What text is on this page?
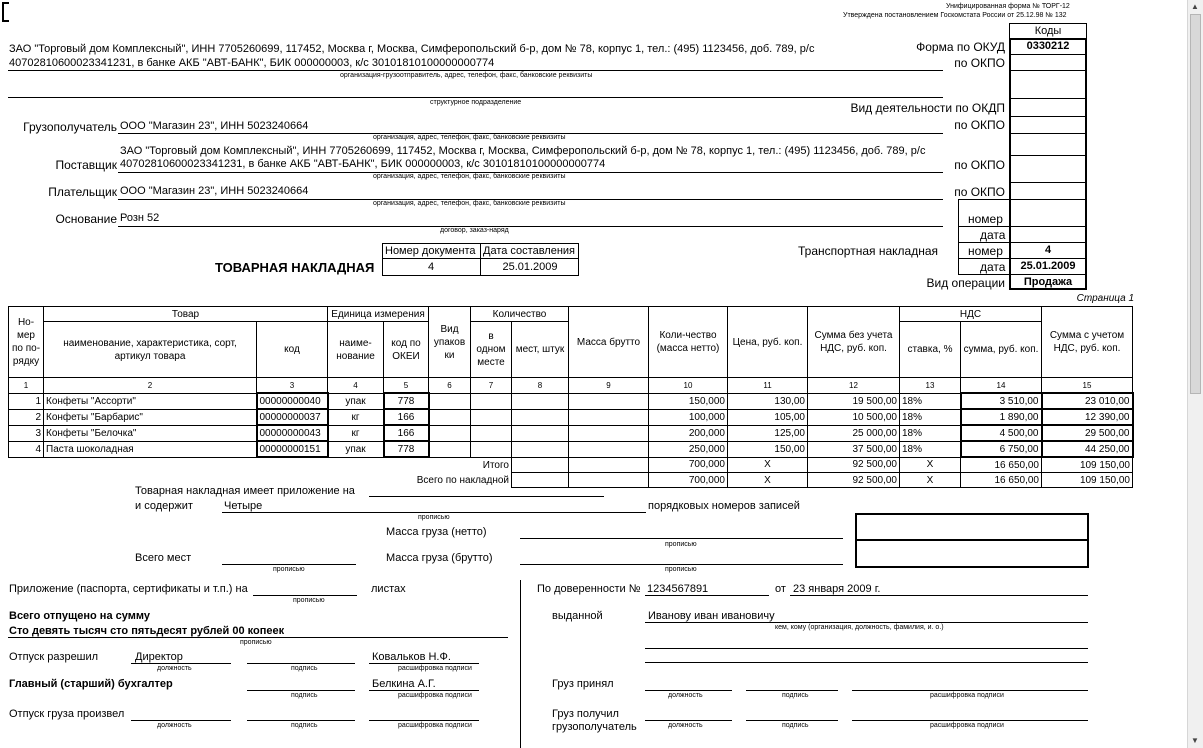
Унифицированная форма № ТОРГ-12
Утверждена постановлением Госкомстата России от 25.12.98 № 132
Коды
0330212
4
25.01.2009
Продажа
Форма по ОКУД
по ОКПО
Вид деятельности по ОКДП
по ОКПО
по ОКПО
по ОКПО
номер
дата
номер
дата
Транспортная накладная
Вид операции
ЗАО "Торговый дом Комплексный", ИНН 7705260699, 117452, Москва г, Москва, Симферопольский б-р, дом № 78, корпус 1, тел.: (495) 1123456, доб. 789, р/с
40702810600023341231, в банке АКБ "АВТ-БАНК", БИК 000000003, к/с 30101810100000000774
организация-грузоотправитель, адрес, телефон, факс, банковские реквизиты
структурное подразделение
Грузополучатель ООО "Магазин 23", ИНН 5023240664
организация, адрес, телефон, факс, банковские реквизиты
ЗАО "Торговый дом Комплексный", ИНН 7705260699, 117452, Москва г, Москва, Симферопольский б-р, дом № 78, корпус 1, тел.: (495) 1123456, доб. 789, р/с
Поставщик 40702810600023341231, в банке АКБ "АВТ-БАНК", БИК 000000003, к/с 30101810100000000774
организация, адрес, телефон, факс, банковские реквизиты
Плательщик ООО "Магазин 23", ИНН 5023240664
организация, адрес, телефон, факс, банковские реквизиты
Основание Розн 52
договор, заказ-наряд
ТОВАРНАЯ НАКЛАДНАЯ
Номер документа Дата составления
4	25.01.2009
Страница 1
Но-мер по по-рядку	Товар		Единица измерения		Вид упаков ки	Количество		Масса брутто	Коли-чество (масса нетто)	Цена, руб. коп.	Сумма без учета НДС, руб. коп.	НДС		Сумма с учетом НДС, руб. коп.
	наименование, характеристика, сорт, артикул товара	код	наиме-нование	код по ОКЕИ		в одном месте	мест, штук					ставка, %	сумма, руб. коп.	
1	2	3	4	5	6	7	8	9	10	11	12	13	14	15
1	Конфеты "Ассорти"	00000000040	упак	778					150,000	130,00	19 500,00	18%	3 510,00	23 010,00
2	Конфеты "Барбарис"	00000000037	кг	166					100,000	105,00	10 500,00	18%	1 890,00	12 390,00
3	Конфеты "Белочка"	00000000043	кг	166					200,000	125,00	25 000,00	18%	4 500,00	29 500,00
4	Паста шоколадная	00000000151	упак	778					250,000	150,00	37 500,00	18%	6 750,00	44 250,00
Итого									700,000	X	92 500,00	X	16 650,00	109 150,00
Всего по накладной									700,000	X	92 500,00	X	16 650,00	109 150,00
Товарная накладная имеет приложение на
и содержит	Четыре
прописью
порядковых номеров записей
Масса груза (нетто)
прописью
Всего мест
прописью
Масса груза (брутто)
прописью
Приложение (паспорта, сертификаты и т.п.) на
прописью
листах
Всего отпущено на сумму
Сто девять тысяч сто пятьдесят рублей 00 копеек
прописью
Отпуск разрешил	Директор	Ковальков Н.Ф.
должность	подпись	расшифровка подписи
Главный (старший) бухгалтер	Белкина А.Г.
подпись	расшифровка подписи
Отпуск груза произвел
должность	подпись	расшифровка подписи
По доверенности № 1234567891	от 23 января 2009 г.
выданной	Иванову иван ивановичу
кем, кому (организация, должность, фамилия, и. о.)
Груз принял
должность	подпись	расшифровка подписи
Груз получил грузополучатель	должность	подпись	расшифровка подписи
▲
▼
